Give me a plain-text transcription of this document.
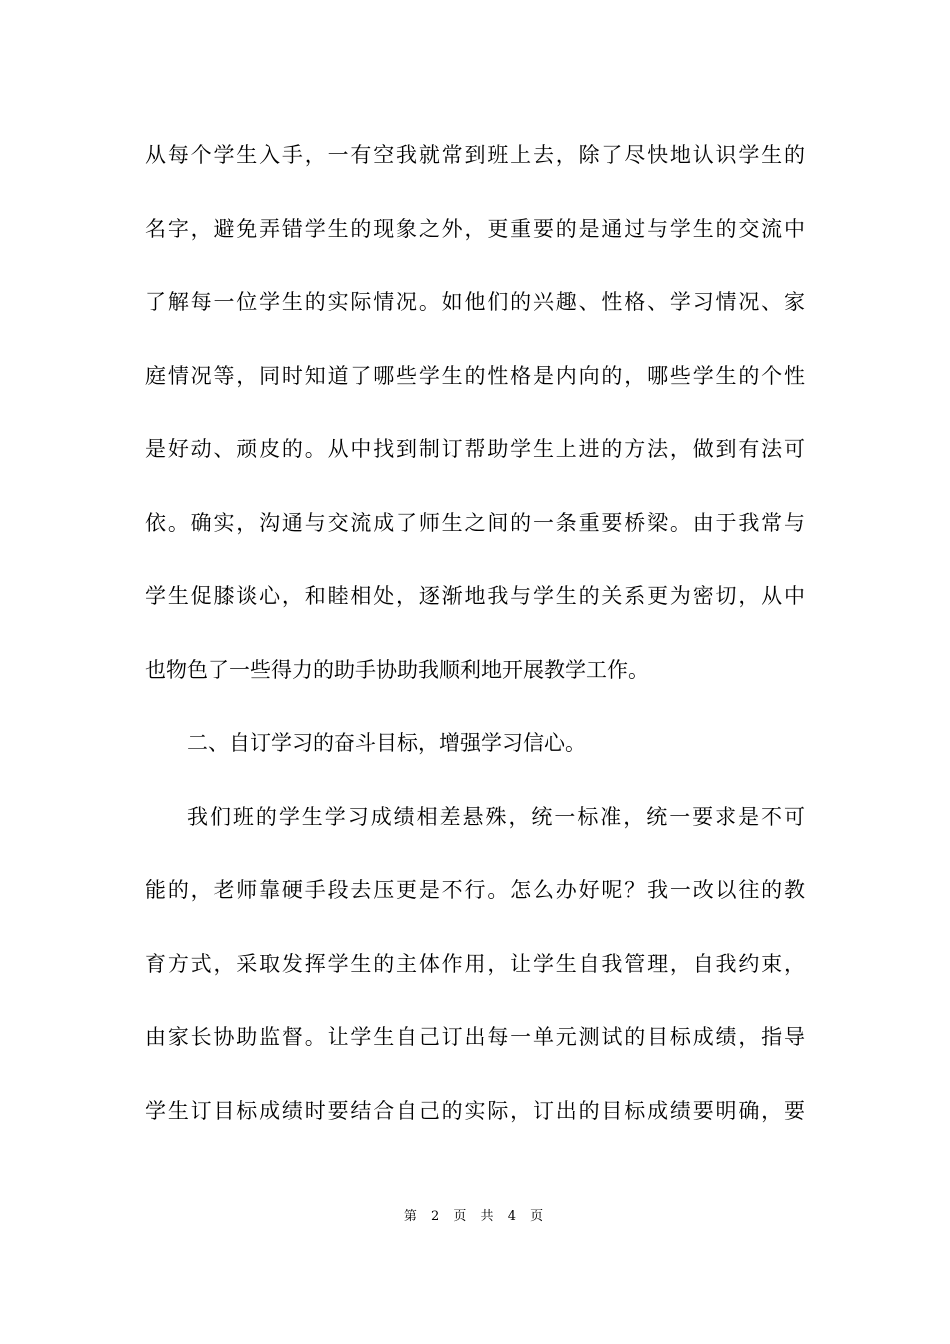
从每个学生入手，一有空我就常到班上去，除了尽快地认识学生的
名字，避免弄错学生的现象之外，更重要的是通过与学生的交流中
了解每一位学生的实际情况。如他们的兴趣、性格、学习情况、家
庭情况等，同时知道了哪些学生的性格是内向的，哪些学生的个性
是好动、顽皮的。从中找到制订帮助学生上进的方法，做到有法可
依。确实，沟通与交流成了师生之间的一条重要桥梁。由于我常与
学生促膝谈心，和睦相处，逐渐地我与学生的关系更为密切，从中
也物色了一些得力的助手协助我顺利地开展教学工作。
二、自订学习的奋斗目标，增强学习信心。
我们班的学生学习成绩相差悬殊，统一标准，统一要求是不可
能的，老师靠硬手段去压更是不行。怎么办好呢？我一改以往的教
育方式，采取发挥学生的主体作用，让学生自我管理，自我约束，
由家长协助监督。让学生自己订出每一单元测试的目标成绩，指导
学生订目标成绩时要结合自己的实际，订出的目标成绩要明确，要
第 2 页 共 4 页
